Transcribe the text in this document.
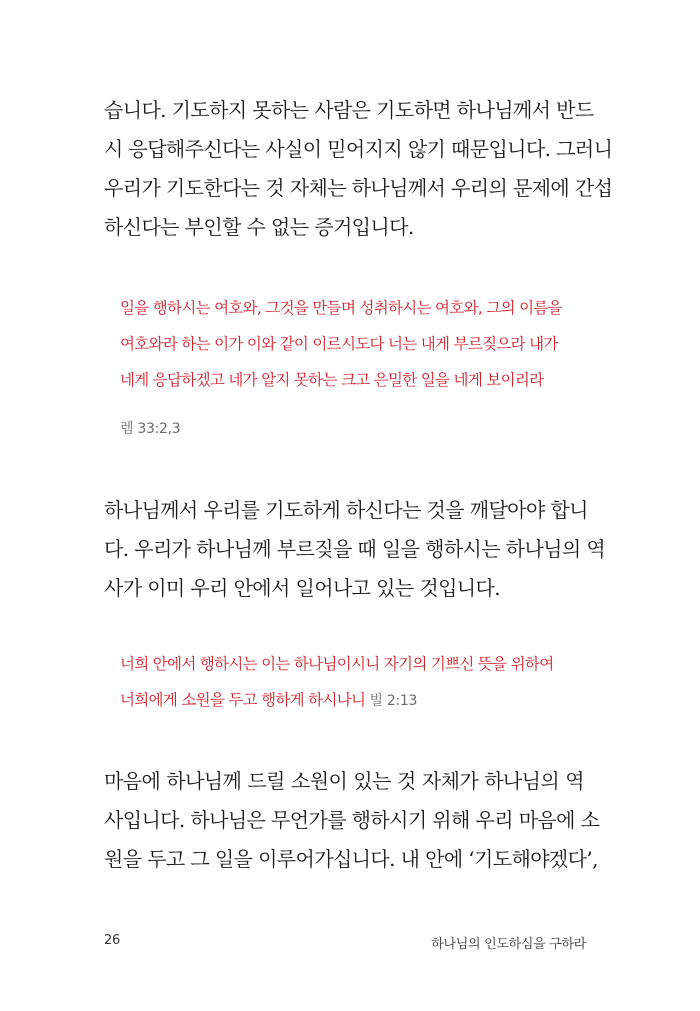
습니다. 기도하지 못하는 사람은 기도하면 하나님께서 반드
시 응답해주신다는 사실이 믿어지지 않기 때문입니다. 그러니
우리가 기도한다는 것 자체는 하나님께서 우리의 문제에 간섭
하신다는 부인할 수 없는 증거입니다.
일을 행하시는 여호와, 그것을 만들며 성취하시는 여호와, 그의 이름을
여호와라 하는 이가 이와 같이 이르시도다 너는 내게 부르짖으라 내가
네게 응답하겠고 네가 알지 못하는 크고 은밀한 일을 네게 보이리라
렘 33:2,3
하나님께서 우리를 기도하게 하신다는 것을 깨달아야 합니
다. 우리가 하나님께 부르짖을 때 일을 행하시는 하나님의 역
사가 이미 우리 안에서 일어나고 있는 것입니다.
너희 안에서 행하시는 이는 하나님이시니 자기의 기쁘신 뜻을 위하여
너희에게 소원을 두고 행하게 하시나니 빌 2:13
마음에 하나님께 드릴 소원이 있는 것 자체가 하나님의 역
사입니다. 하나님은 무언가를 행하시기 위해 우리 마음에 소
원을 두고 그 일을 이루어가십니다. 내 안에 ‘기도해야겠다’,
26	하나님의 인도하심을 구하라
